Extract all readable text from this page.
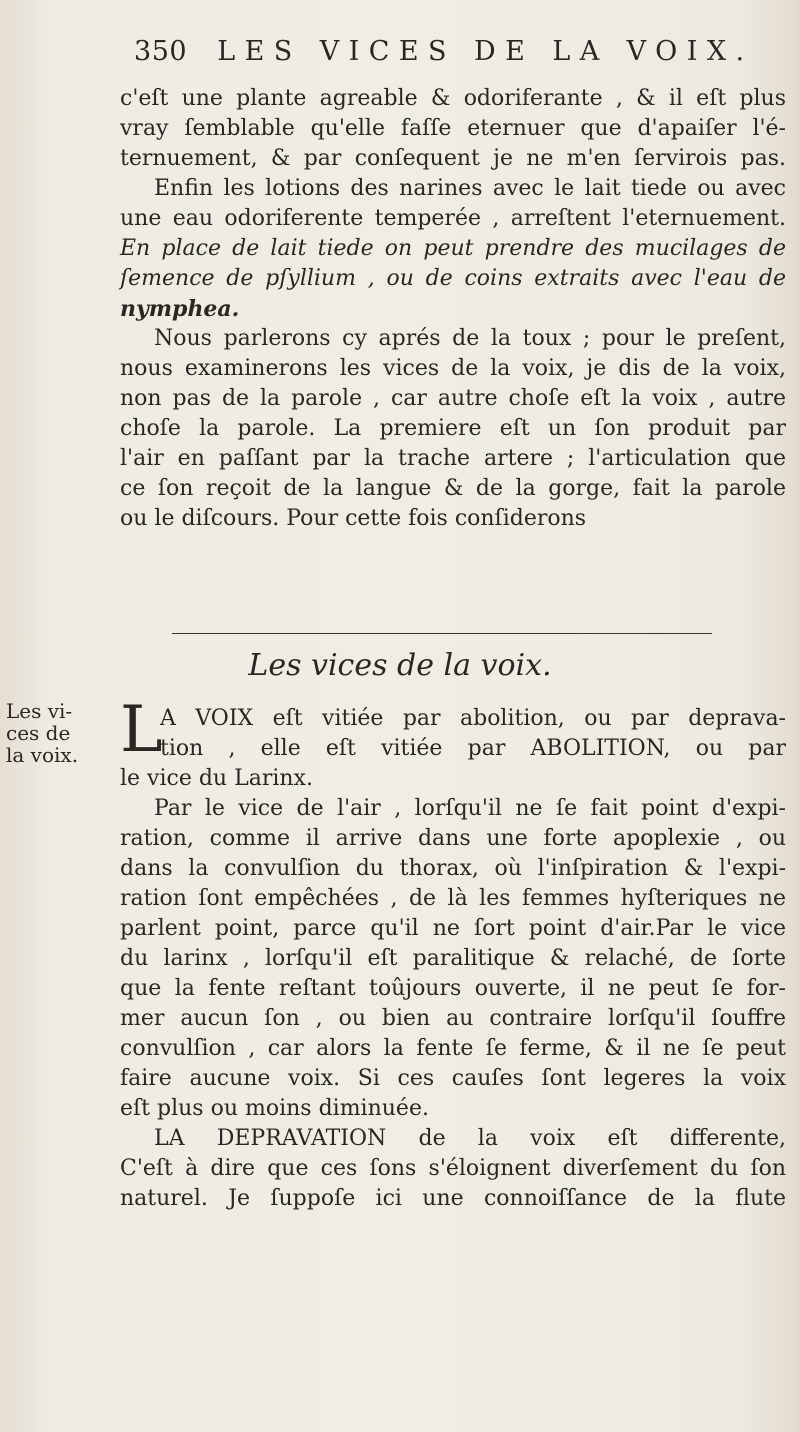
350 LES VICES DE LA VOIX.
c'eſt une plante agreable & odoriferante , & il eſt plus
vray ſemblable qu'elle faſſe eternuer que d'apaiſer l'é-
ternuement, & par conſequent je ne m'en ſervirois pas.
Enfin les lotions des narines avec le lait tiede ou avec
une eau odoriferente temperée , arreſtent l'eternuement.
En place de lait tiede on peut prendre des mucilages de
ſemence de pſyllium , ou de coins extraits avec l'eau de
nymphea.
Nous parlerons cy aprés de la toux ; pour le preſent,
nous examinerons les vices de la voix, je dis de la voix,
non pas de la parole , car autre choſe eſt la voix , autre
choſe la parole. La premiere eſt un ſon produit par
l'air en paſſant par la trache artere ; l'articulation que
ce ſon reçoit de la langue & de la gorge, fait la parole
ou le diſcours. Pour cette fois conſiderons
Les vices de la voix.
Les vi-
ces de
la voix. L
A VOIX eſt vitiée par abolition, ou par deprava-
tion , elle eſt vitiée par ABOLITION, ou par
le vice du Larinx.
Par le vice de l'air , lorſqu'il ne ſe fait point d'expi-
ration, comme il arrive dans une forte apoplexie , ou
dans la convulſion du thorax, où l'inſpiration & l'expi-
ration ſont empêchées , de là les femmes hyſteriques ne
parlent point, parce qu'il ne ſort point d'air.Par le vice
du larinx , lorſqu'il eſt paralitique & relaché, de ſorte
que la fente reſtant toûjours ouverte, il ne peut ſe for-
mer aucun ſon , ou bien au contraire lorſqu'il ſouffre
convulſion , car alors la fente ſe ferme, & il ne ſe peut
faire aucune voix. Si ces cauſes ſont legeres la voix
eſt plus ou moins diminuée.
LA DEPRAVATION de la voix eſt differente,
C'eſt à dire que ces ſons s'éloignent diverſement du ſon
naturel. Je ſuppoſe ici une connoiſſance de la flute
